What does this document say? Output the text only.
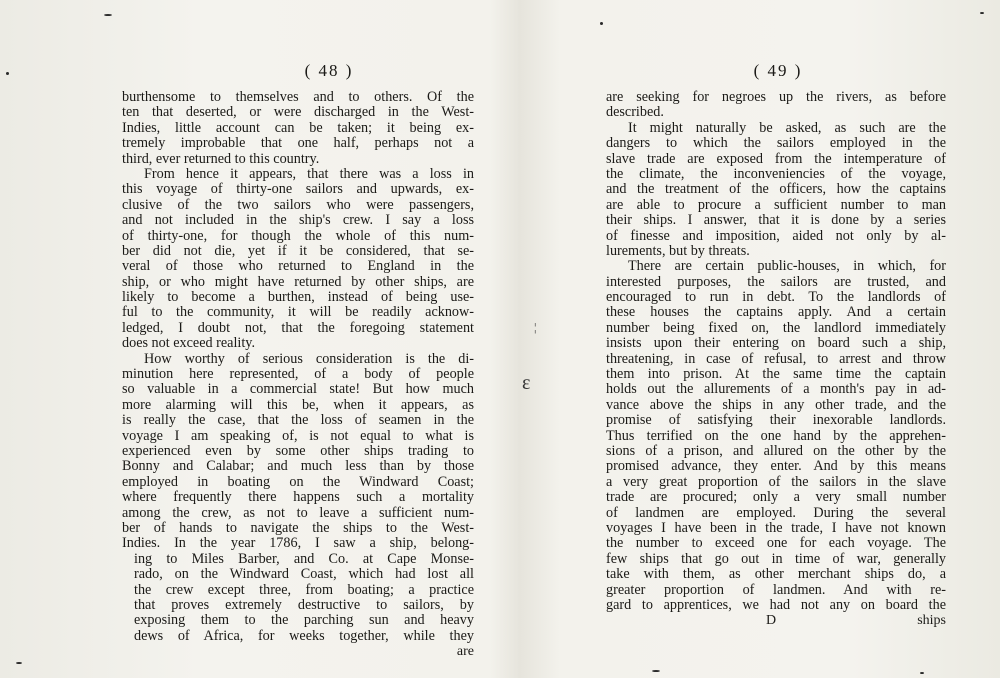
ɛ
¦
( 48 )
burthensome to themselves and to others. Of the
ten that deserted, or were discharged in the West-
Indies, little account can be taken; it being ex-
tremely improbable that one half, perhaps not a
third, ever returned to this country.
From hence it appears, that there was a loss in
this voyage of thirty-one sailors and upwards, ex-
clusive of the two sailors who were passengers,
and not included in the ship's crew. I say a loss
of thirty-one, for though the whole of this num-
ber did not die, yet if it be considered, that se-
veral of those who returned to England in the
ship, or who might have returned by other ships, are
likely to become a burthen, instead of being use-
ful to the community, it will be readily acknow-
ledged, I doubt not, that the foregoing statement
does not exceed reality.
How worthy of serious consideration is the di-
minution here represented, of a body of people
so valuable in a commercial state! But how much
more alarming will this be, when it appears, as
is really the case, that the loss of seamen in the
voyage I am speaking of, is not equal to what is
experienced even by some other ships trading to
Bonny and Calabar; and much less than by those
employed in boating on the Windward Coast;
where frequently there happens such a mortality
among the crew, as not to leave a sufficient num-
ber of hands to navigate the ships to the West-
Indies. In the year 1786, I saw a ship, belong-
ing to Miles Barber, and Co. at Cape Monse-
rado, on the Windward Coast, which had lost all
the crew except three, from boating; a practice
that proves extremely destructive to sailors, by
exposing them to the parching sun and heavy
dews of Africa, for weeks together, while they
are
( 49 )
are seeking for negroes up the rivers, as before
described.
It might naturally be asked, as such are the
dangers to which the sailors employed in the
slave trade are exposed from the intemperature of
the climate, the inconveniencies of the voyage,
and the treatment of the officers, how the captains
are able to procure a sufficient number to man
their ships. I answer, that it is done by a series
of finesse and imposition, aided not only by al-
lurements, but by threats.
There are certain public-houses, in which, for
interested purposes, the sailors are trusted, and
encouraged to run in debt. To the landlords of
these houses the captains apply. And a certain
number being fixed on, the landlord immediately
insists upon their entering on board such a ship,
threatening, in case of refusal, to arrest and throw
them into prison. At the same time the captain
holds out the allurements of a month's pay in ad-
vance above the ships in any other trade, and the
promise of satisfying their inexorable landlords.
Thus terrified on the one hand by the apprehen-
sions of a prison, and allured on the other by the
promised advance, they enter. And by this means
a very great proportion of the sailors in the slave
trade are procured; only a very small number
of landmen are employed. During the several
voyages I have been in the trade, I have not known
the number to exceed one for each voyage. The
few ships that go out in time of war, generally
take with them, as other merchant ships do, a
greater proportion of landmen. And with re-
gard to apprentices, we had not any on board the
D	ships
